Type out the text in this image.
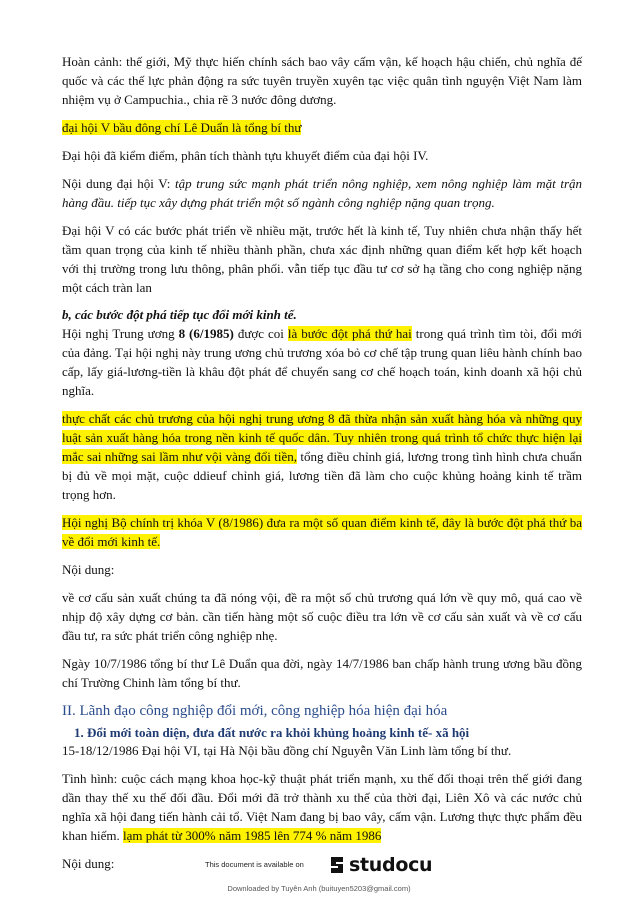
Hoàn cảnh: thế giới, Mỹ thực hiến chính sách bao vây cấm vận, kế hoạch hậu chiến, chủ nghĩa đế quốc và các thế lực phản động ra sức tuyên truyền xuyên tạc việc quân tình nguyện Việt Nam làm nhiệm vụ ở Campuchia., chia rẽ 3 nước đông dương.

đại hội V bầu đông chí Lê Duẩn là tổng bí thư

Đại hội đã kiểm điểm, phân tích thành tựu khuyết điểm của đại hội IV.

Nội dung đại hội V: tập trung sức mạnh phát triển nông nghiệp, xem nông nghiệp làm mặt trận hàng đầu. tiếp tục xây dựng phát triển một số ngành công nghiệp nặng quan trọng.

Đại hội V có các bước phát triển về nhiều mặt, trước hết là kinh tế, Tuy nhiên chưa nhận thấy hết tầm quan trọng của kinh tế nhiều thành phần, chưa xác định những quan điểm kết hợp kết hoạch với thị trường trong lưu thông, phân phối. vẫn tiếp tục đầu tư cơ sở hạ tầng cho cong nghiệp nặng một cách tràn lan

b, các bước đột phá tiếp tục đổi mới kinh tế.

Hội nghị Trung ương 8 (6/1985) được coi là bước đột phá thứ hai trong quá trình tìm tòi, đổi mới của đảng. Tại hội nghị này trung ương chủ trương xóa bỏ cơ chế tập trung quan liêu hành chính bao cấp, lấy giá-lương-tiền là khâu đột phát để chuyển sang cơ chế hoạch toán, kinh doanh xã hội chủ nghĩa.

thực chất các chủ trương của hội nghị trung ương 8 đã thừa nhận sản xuất hàng hóa và những quy luật sản xuất hàng hóa trong nền kinh tế quốc dân. Tuy nhiên trong quá trình tổ chức thực hiện lại mắc sai những sai lầm như vội vàng đổi tiền, tổng điều chỉnh giá, lương trong tình hình chưa chuẩn bị đủ về mọi mặt, cuộc ddieuf chỉnh giá, lương tiền đã làm cho cuộc khủng hoảng kinh tế trầm trọng hơn.

Hội nghị Bộ chính trị khóa V (8/1986) đưa ra một số quan điểm kinh tế, đây là bước đột phá thứ ba về đổi mới kinh tế.

Nội dung:

về cơ cấu sản xuất chúng ta đã nóng vội, đề ra một số chủ trương quá lớn về quy mô, quá cao về nhịp độ xây dựng cơ bản. cần tiến hàng một số cuộc điều tra lớn về cơ cấu sản xuất và về cơ cấu đầu tư, ra sức phát triển công nghiệp nhẹ.

Ngày 10/7/1986 tổng bí thư Lê Duẩn qua đời, ngày 14/7/1986 ban chấp hành trung ương bầu đồng chí Trường Chinh làm tổng bí thư.

II. Lãnh đạo công nghiệp đổi mới, công nghiệp hóa hiện đại hóa
1. Đổi mới toàn diện, đưa đất nước ra khỏi khủng hoảng kinh tế- xã hội

15-18/12/1986 Đại hội VI, tại Hà Nội bầu đồng chí Nguyễn Văn Linh làm tổng bí thư.

Tình hình: cuộc cách mạng khoa học-kỹ thuật phát triển mạnh, xu thế đối thoại trên thế giới đang dần thay thế xu thế đối đầu. Đổi mới đã trở thành xu thế của thời đại, Liên Xô và các nước chủ nghĩa xã hội đang tiến hành cải tổ. Việt Nam đang bị bao vây, cấm vận. Lương thực thực phẩm đều khan hiếm. lạm phát từ 300% năm 1985 lên 774 % năm 1986

Nội dung:	This document is available on studocu
Downloaded by Tuyên Anh (buituyen5203@gmail.com)
